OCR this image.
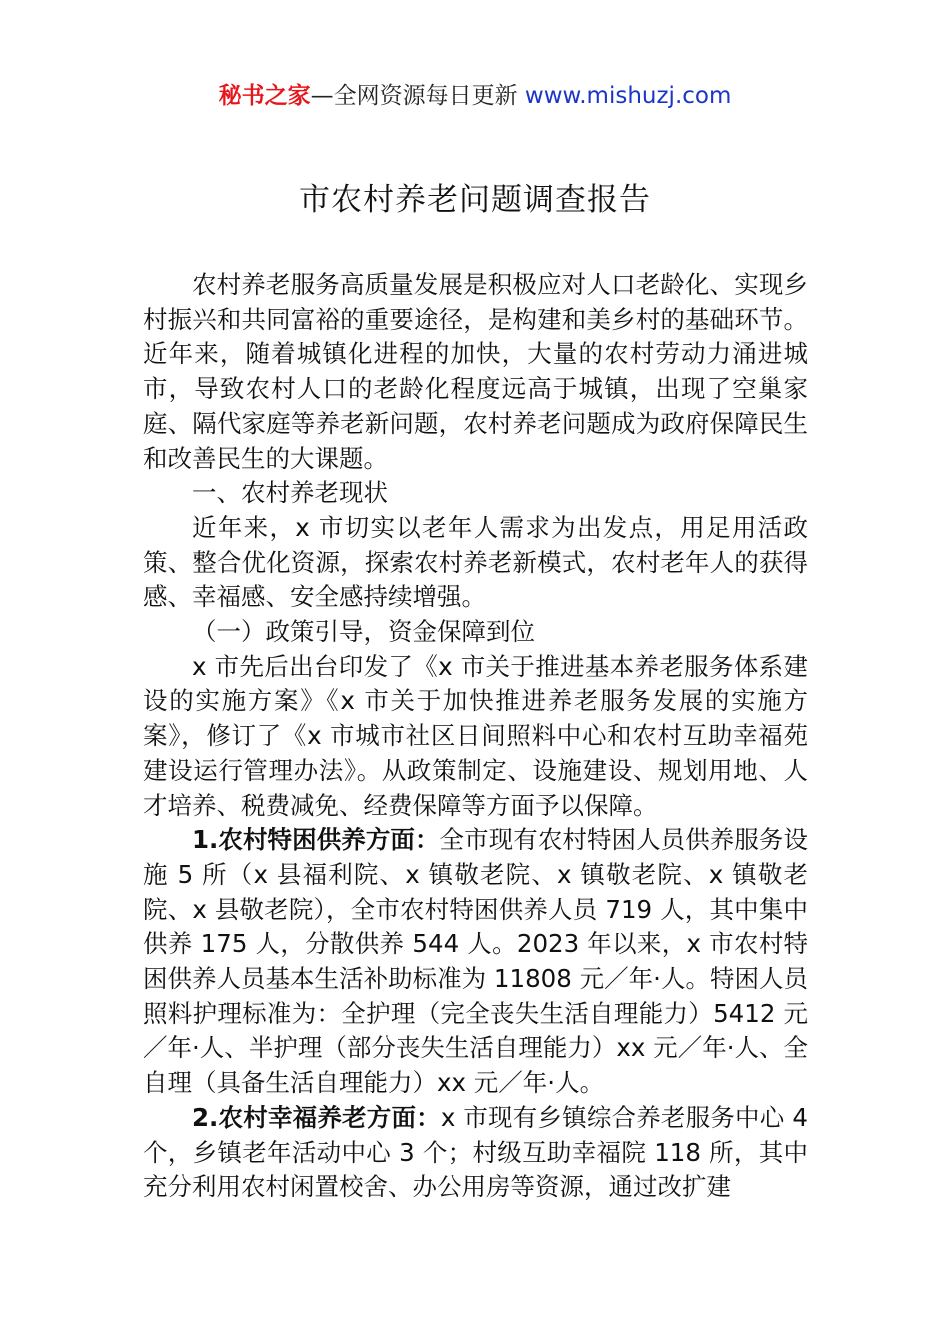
秘书之家—全网资源每日更新 www.mishuzj.com
市农村养老问题调查报告

农村养老服务高质量发展是积极应对人口老龄化、实现乡村振兴和共同富裕的重要途径，是构建和美乡村的基础环节。近年来，随着城镇化进程的加快，大量的农村劳动力涌进城市，导致农村人口的老龄化程度远高于城镇，出现了空巢家庭、隔代家庭等养老新问题，农村养老问题成为政府保障民生和改善民生的大课题。

一、农村养老现状

近年来，x 市切实以老年人需求为出发点，用足用活政策、整合优化资源，探索农村养老新模式，农村老年人的获得感、幸福感、安全感持续增强。

（一）政策引导，资金保障到位

x 市先后出台印发了《x 市关于推进基本养老服务体系建设的实施方案》《x 市关于加快推进养老服务发展的实施方案》，修订了《x 市城市社区日间照料中心和农村互助幸福苑建设运行管理办法》。从政策制定、设施建设、规划用地、人才培养、税费减免、经费保障等方面予以保障。

1.农村特困供养方面：全市现有农村特困人员供养服务设施 5 所（x 县福利院、x 镇敬老院、x 镇敬老院、x 镇敬老院、x 县敬老院），全市农村特困供养人员 719 人，其中集中供养 175 人，分散供养 544 人。2023 年以来，x 市农村特困供养人员基本生活补助标准为 11808 元／年·人。特困人员照料护理标准为：全护理（完全丧失生活自理能力）5412 元／年·人、半护理（部分丧失生活自理能力）xx 元／年·人、全自理（具备生活自理能力）xx 元／年·人。

2.农村幸福养老方面：x 市现有乡镇综合养老服务中心 4 个，乡镇老年活动中心 3 个；村级互助幸福院 118 所，其中充分利用农村闲置校舍、办公用房等资源，通过改扩建
